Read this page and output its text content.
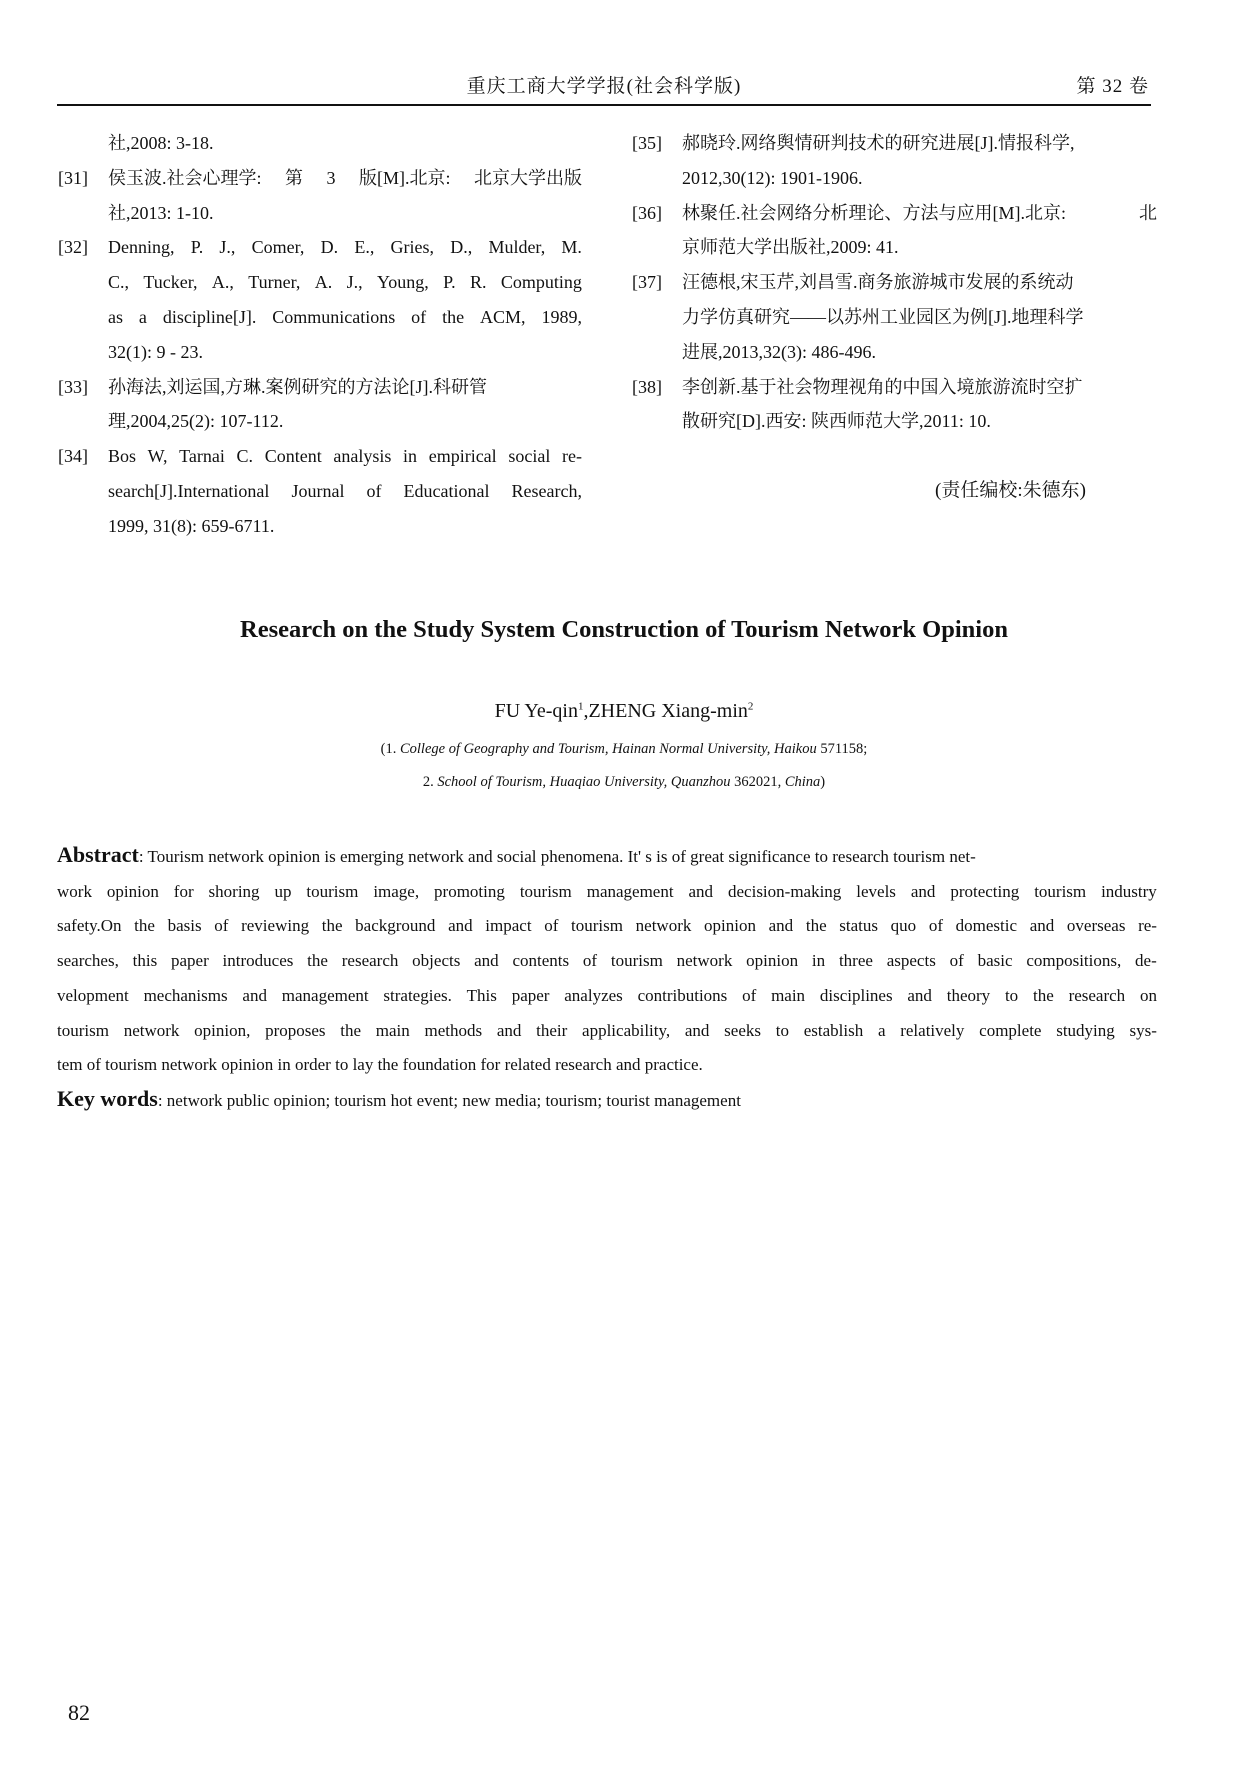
重庆工商大学学报(社会科学版)	第 32 卷
社,2008: 3-18.
[31]	侯玉波.社会心理学: 第 3 版[M].北京: 北京大学出版
社,2013: 1-10.
[32]	Denning, P. J., Comer, D. E., Gries, D., Mulder, M.
C., Tucker, A., Turner, A. J., Young, P. R. Computing
as a discipline[J]. Communications of the ACM, 1989,
32(1): 9 - 23.
[33]	孙海法,刘运国,方琳.案例研究的方法论[J].科研管
理,2004,25(2): 107-112.
[34]	Bos W, Tarnai C. Content analysis in empirical social re-
search[J].International Journal of Educational Research,
1999, 31(8): 659-6711.
[35]	郝晓玲.网络舆情研判技术的研究进展[J].情报科学,
2012,30(12): 1901-1906.
[36]	林聚任.社会网络分析理论、方法与应用[M].北京:	北
京师范大学出版社,2009: 41.
[37]	汪德根,宋玉芹,刘昌雪.商务旅游城市发展的系统动
力学仿真研究——以苏州工业园区为例[J].地理科学
进展,2013,32(3): 486-496.
[38]	李创新.基于社会物理视角的中国入境旅游流时空扩
散研究[D].西安: 陕西师范大学,2011: 10.
(责任编校:朱德东)
Research on the Study System Construction of Tourism Network Opinion
FU Ye-qin$^1$,ZHENG Xiang-$\min^2$
(1. College of Geography and Tourism, Hainan Normal University, Haikou 571158;
2. School of Tourism, Huaqiao University, Quanzhou 362021, China)
Abstract: Tourism network opinion is emerging network and social phenomena. It' s is of great significance to research tourism net-
work opinion for shoring up tourism image, promoting tourism management and decision-making levels and protecting tourism industry
safety.On the basis of reviewing the background and impact of tourism network opinion and the status quo of domestic and overseas re-
searches, this paper introduces the research objects and contents of tourism network opinion in three aspects of basic compositions, de-
velopment mechanisms and management strategies. This paper analyzes contributions of main disciplines and theory to the research on
tourism network opinion, proposes the main methods and their applicability, and seeks to establish a relatively complete studying sys-
tem of tourism network opinion in order to lay the foundation for related research and practice.
Key words: network public opinion; tourism hot event; new media; tourism; tourist management
82
